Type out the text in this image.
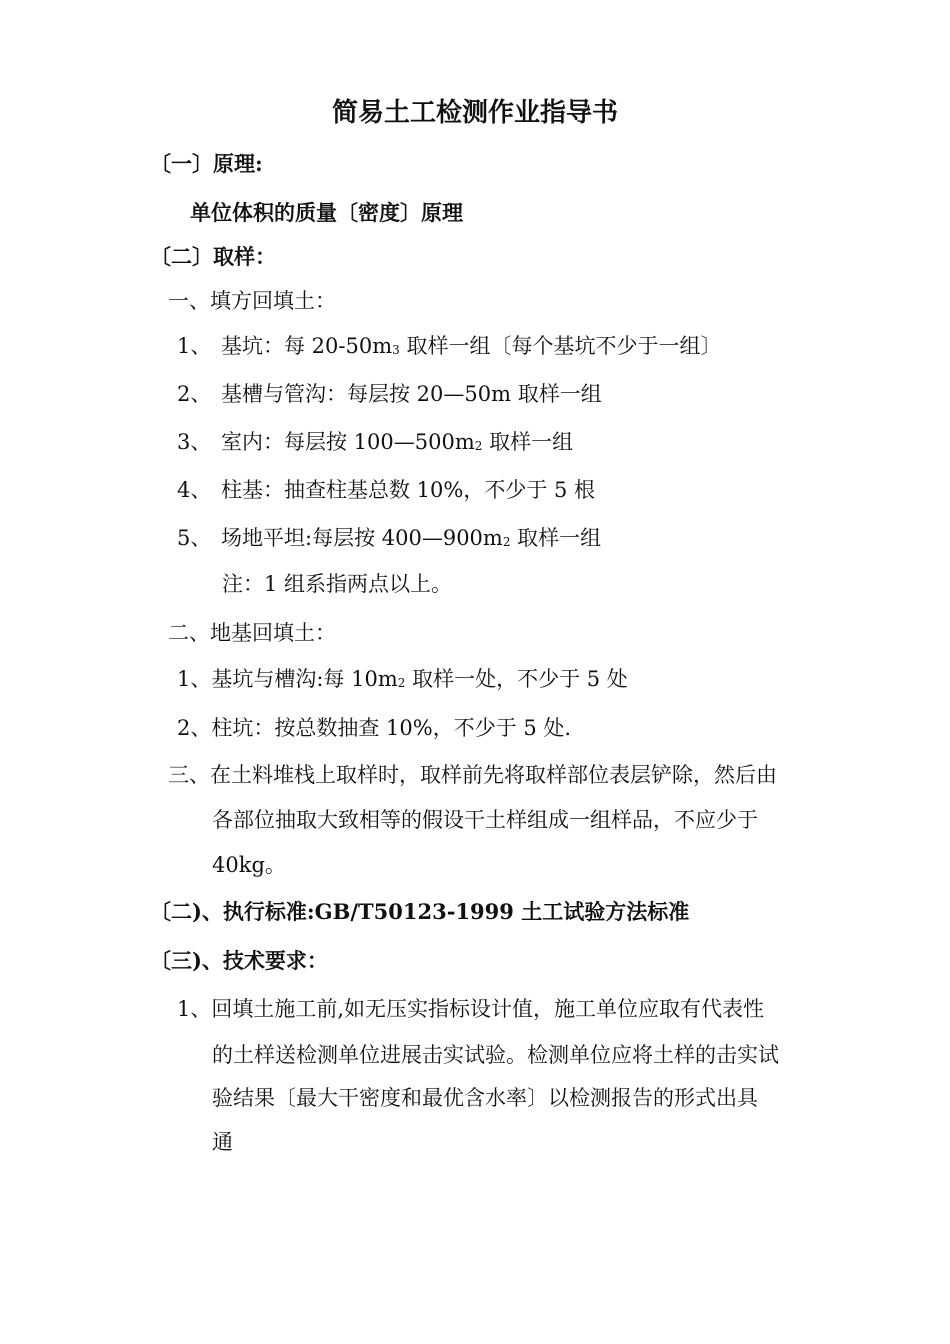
简易土工检测作业指导书
〔一〕原理:
单位体积的质量〔密度〕原理
〔二〕取样：
一、填方回填土：
1、 基坑：每 $20-50m_3$ 取样一组〔每个基坑不少于一组〕
2、 基槽与管沟：每层按 20—50m 取样一组
3、 室内：每层按 $100—500m_2$ 取样一组
4、 柱基：抽查柱基总数 10%，不少于 5 根
5、 场地平坦:每层按 $400—900m_2$ 取样一组
注：1 组系指两点以上。
二、地基回填土：
1、基坑与槽沟:每 $10m_2$ 取样一处，不少于 5 处
2、柱坑：按总数抽查 10%，不少于 5 处.
三、在土料堆栈上取样时，取样前先将取样部位表层铲除，然后由
各部位抽取大致相等的假设干土样组成一组样品，不应少于
40kg。
〔二)、执行标准:GB/T50123-1999 土工试验方法标准
〔三)、技术要求：
1、回填土施工前,如无压实指标设计值，施工单位应取有代表性
的土样送检测单位进展击实试验。检测单位应将土样的击实试
验结果〔最大干密度和最优含水率〕以检测报告的形式出具
通
